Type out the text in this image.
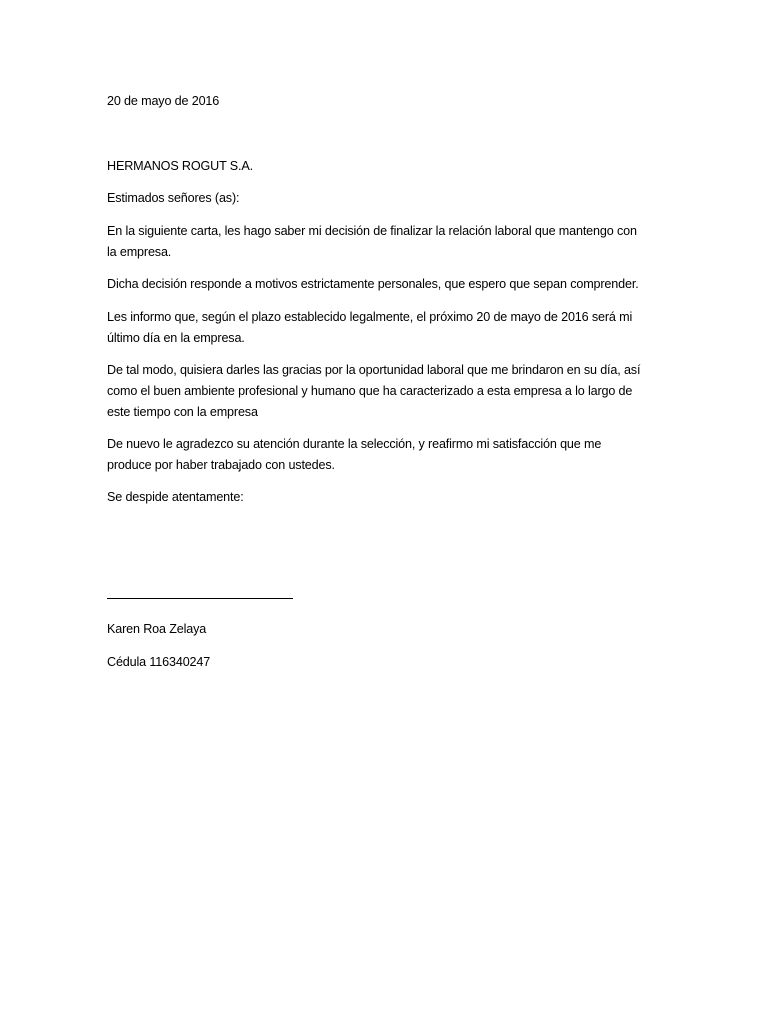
20 de mayo de 2016
HERMANOS ROGUT S.A.
Estimados señores (as):
En la siguiente carta, les hago saber mi decisión de finalizar la relación laboral que mantengo con
la empresa.
Dicha decisión responde a motivos estrictamente personales, que espero que sepan comprender.
Les informo que, según el plazo establecido legalmente, el próximo 20 de mayo de 2016 será mi
último día en la empresa.
De tal modo, quisiera darles las gracias por la oportunidad laboral que me brindaron en su día, así
como el buen ambiente profesional y humano que ha caracterizado a esta empresa a lo largo de
este tiempo con la empresa
De nuevo le agradezco su atención durante la selección, y reafirmo mi satisfacción que me
produce por haber trabajado con ustedes.
Se despide atentamente:
Karen Roa Zelaya
Cédula 116340247
